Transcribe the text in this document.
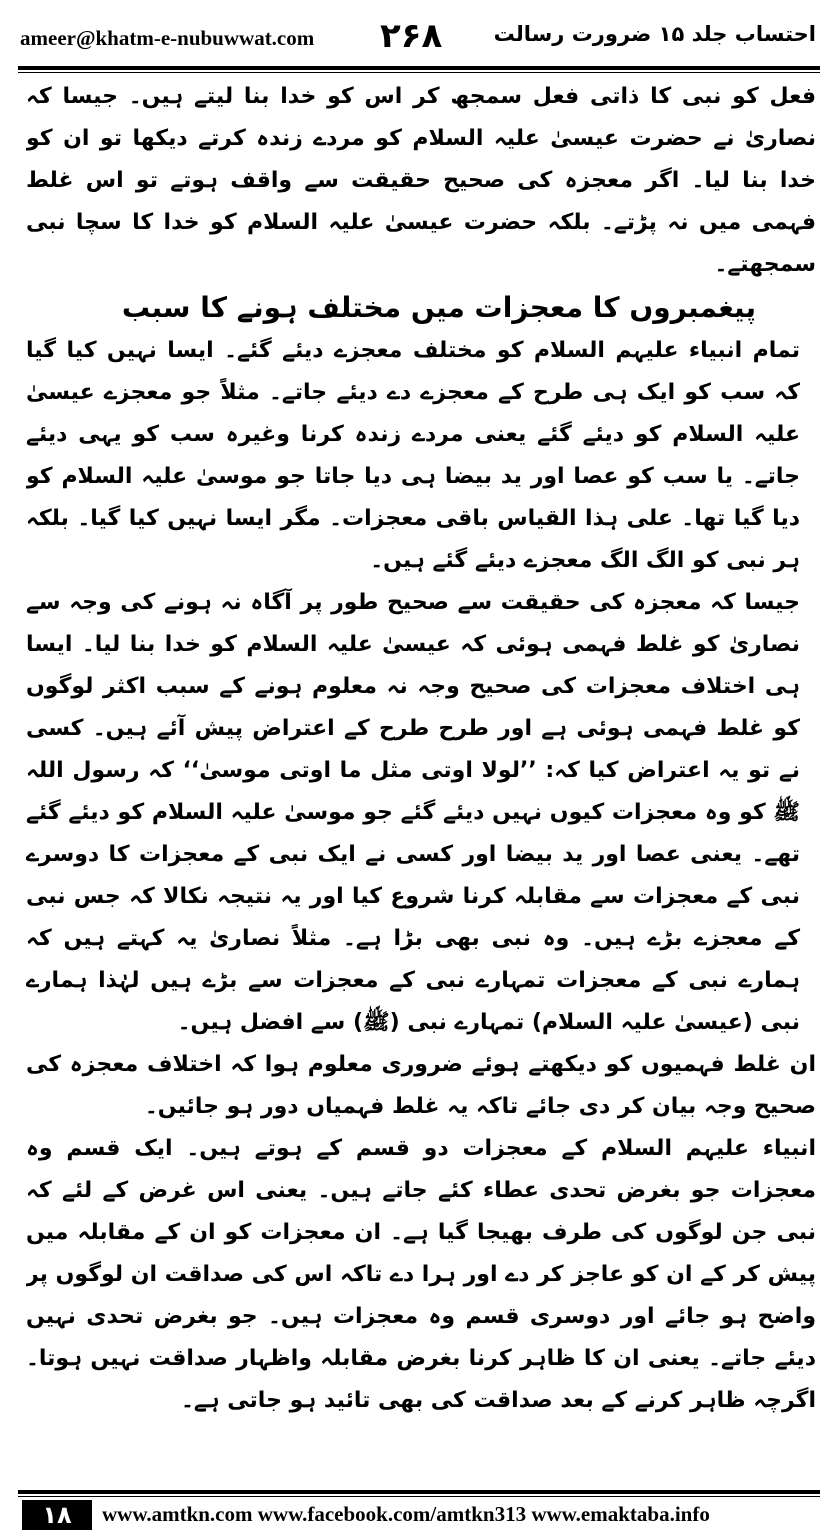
ameer@khatm-e-nubuwwat.com ۲۶۸ احتساب جلد ۱۵ ضرورت رسالت

فعل کو نبی کا ذاتی فعل سمجھ کر اس کو خدا بنا لیتے ہیں۔ جیسا کہ نصاریٰ نے حضرت عیسیٰ علیہ السلام کو مردے زندہ کرتے دیکھا تو ان کو خدا بنا لیا۔ اگر معجزہ کی صحیح حقیقت سے واقف ہوتے تو اس غلط فہمی میں نہ پڑتے۔ بلکہ حضرت عیسیٰ علیہ السلام کو خدا کا سچا نبی سمجھتے۔

پیغمبروں کا معجزات میں مختلف ہونے کا سبب

تمام انبیاء علیہم السلام کو مختلف معجزے دیئے گئے۔ ایسا نہیں کیا گیا کہ سب کو ایک ہی طرح کے معجزے دے دیئے جاتے۔ مثلاً جو معجزے عیسیٰ علیہ السلام کو دیئے گئے یعنی مردے زندہ کرنا وغیرہ سب کو یہی دیئے جاتے۔ یا سب کو عصا اور ید بیضا ہی دیا جاتا جو موسیٰ علیہ السلام کو دیا گیا تھا۔ علی ہذا القیاس باقی معجزات۔ مگر ایسا نہیں کیا گیا۔ بلکہ ہر نبی کو الگ الگ معجزے دیئے گئے ہیں۔

جیسا کہ معجزہ کی حقیقت سے صحیح طور پر آگاہ نہ ہونے کی وجہ سے نصاریٰ کو غلط فہمی ہوئی کہ عیسیٰ علیہ السلام کو خدا بنا لیا۔ ایسا ہی اختلاف معجزات کی صحیح وجہ نہ معلوم ہونے کے سبب اکثر لوگوں کو غلط فہمی ہوئی ہے اور طرح طرح کے اعتراض پیش آئے ہیں۔ کسی نے تو یہ اعتراض کیا کہ: ’’لولا اوتی مثل ما اوتی موسیٰ‘‘ کہ رسول اللہ ﷺ کو وہ معجزات کیوں نہیں دیئے گئے جو موسیٰ علیہ السلام کو دیئے گئے تھے۔ یعنی عصا اور ید بیضا اور کسی نے ایک نبی کے معجزات کا دوسرے نبی کے معجزات سے مقابلہ کرنا شروع کیا اور یہ نتیجہ نکالا کہ جس نبی کے معجزے بڑے ہیں۔ وہ نبی بھی بڑا ہے۔ مثلاً نصاریٰ یہ کہتے ہیں کہ ہمارے نبی کے معجزات تمہارے نبی کے معجزات سے بڑے ہیں لہٰذا ہمارے نبی (عیسیٰ علیہ السلام) تمہارے نبی (ﷺ) سے افضل ہیں۔

ان غلط فہمیوں کو دیکھتے ہوئے ضروری معلوم ہوا کہ اختلاف معجزہ کی صحیح وجہ بیان کر دی جائے تاکہ یہ غلط فہمیاں دور ہو جائیں۔

انبیاء علیہم السلام کے معجزات دو قسم کے ہوتے ہیں۔ ایک قسم وہ معجزات جو بغرض تحدی عطاء کئے جاتے ہیں۔ یعنی اس غرض کے لئے کہ نبی جن لوگوں کی طرف بھیجا گیا ہے۔ ان معجزات کو ان کے مقابلہ میں پیش کر کے ان کو عاجز کر دے اور ہرا دے تاکہ اس کی صداقت ان لوگوں پر واضح ہو جائے اور دوسری قسم وہ معجزات ہیں۔ جو بغرض تحدی نہیں دیئے جاتے۔ یعنی ان کا ظاہر کرنا بغرض مقابلہ واظہار صداقت نہیں ہوتا۔ اگرچہ ظاہر کرنے کے بعد صداقت کی بھی تائید ہو جاتی ہے۔

۱۸	www.amtkn.com www.facebook.com/amtkn313 www.emaktaba.info
